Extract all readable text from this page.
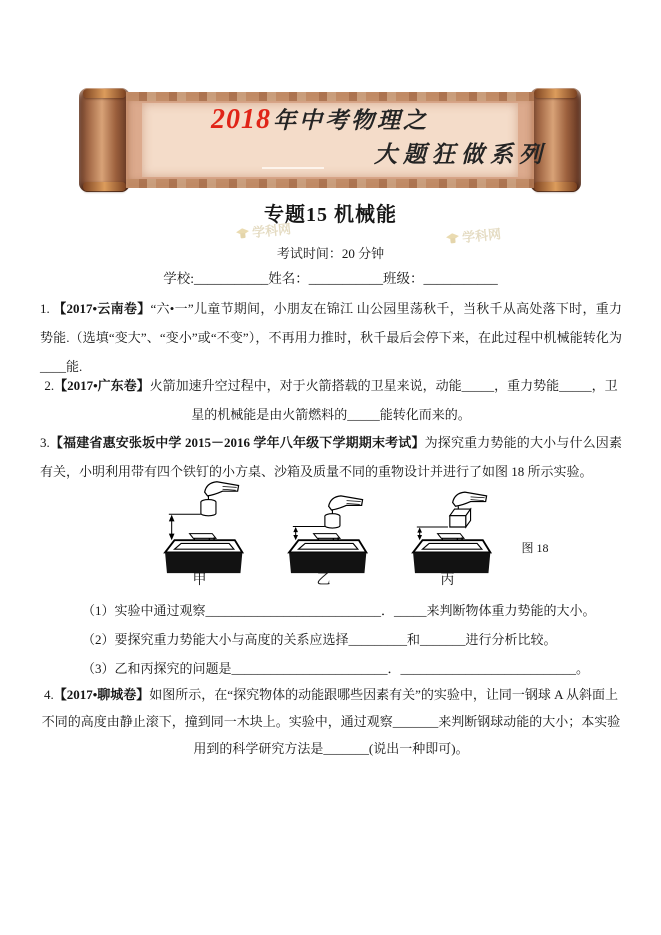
2018年中考物理之
大题狂做系列
学科网	学科网
专题15 机械能
考试时间：20 分钟
学校:___________姓名：___________班级：___________
1. 【2017•云南卷】“六•一”儿童节期间，小朋友在锦江 山公园里荡秋千，当秋千从高处落下时，重力势能.（选填“变大”、“变小”或“不变”），不再用力推时，秋千最后会停下来，在此过程中机械能转化为____能.
2.【2017•广东卷】火箭加速升空过程中，对于火箭搭载的卫星来说，动能_____，重力势能_____，卫星的机械能是由火箭燃料的_____能转化而来的。
3.【福建省惠安张坂中学 2015－2016 学年八年级下学期期末考试】为探究重力势能的大小与什么因素有关，小明利用带有四个铁钉的小方桌、沙箱及质量不同的重物设计并进行了如图 18 所示实验。
甲	乙	丙
图 18
（1）实验中通过观察___________________________．_____来判断物体重力势能的大小。
（2）要探究重力势能大小与高度的关系应选择_________和_______进行分析比较。
（3）乙和丙探究的问题是________________________．___________________________。
4.【2017•聊城卷】如图所示，在“探究物体的动能跟哪些因素有关”的实验中，让同一钢球 A 从斜面上不同的高度由静止滚下，撞到同一木块上。实验中，通过观察_______来判断钢球动能的大小；本实验用到的科学研究方法是_______(说出一种即可)。
